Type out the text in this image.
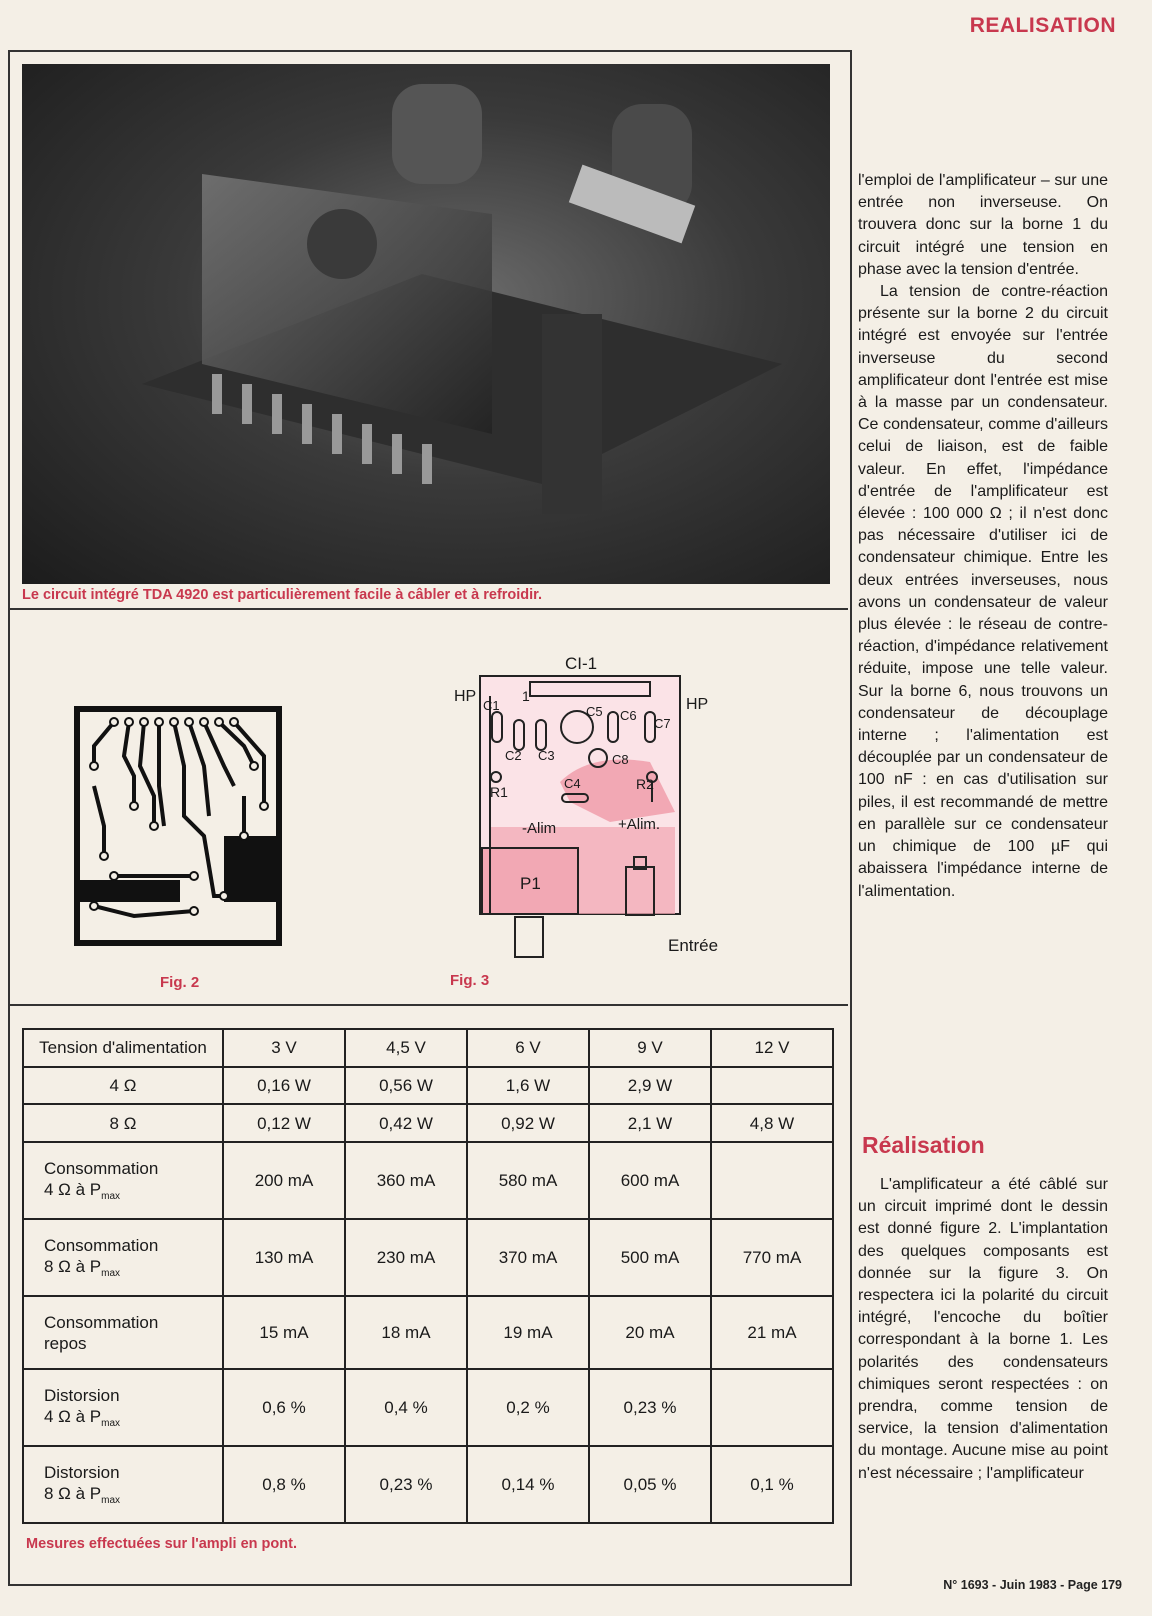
REALISATION
Le circuit intégré TDA 4920 est particulièrement facile à câbler et à refroidir.
Fig. 2
CI-1
HP	HP
1
C1
C2 C3
C5 C6
C7
C8
R1	R2
C4
-Alim	+Alim.
P1
Entrée
Fig. 3
Tension d'alimentation	3 V	4,5 V	6 V	9 V	12 V
4 Ω	0,16 W	0,56 W	1,6 W	2,9 W	
8 Ω	0,12 W	0,42 W	0,92 W	2,1 W	4,8 W
Consommation
4 Ω à $P_{max}$	200 mA	360 mA	580 mA	600 mA	
Consommation
8 Ω à $P_{max}$	130 mA	230 mA	370 mA	500 mA	770 mA
Consommation
repos	15 mA	18 mA	19 mA	20 mA	21 mA
Distorsion
4 Ω à $P_{max}$	0,6 %	0,4 %	0,2 %	0,23 %	
Distorsion
8 Ω à $P_{max}$	0,8 %	0,23 %	0,14 %	0,05 %	0,1 %
Mesures effectuées sur l'ampli en pont.

l'emploi de l'amplificateur – sur une entrée non inverseuse. On trouvera donc sur la borne 1 du circuit intégré une tension en phase avec la tension d'entrée.

La tension de contre-réaction présente sur la borne 2 du circuit intégré est envoyée sur l'entrée inverseuse du second amplificateur dont l'entrée est mise à la masse par un condensateur. Ce condensateur, comme d'ailleurs celui de liaison, est de faible valeur. En effet, l'impédance d'entrée de l'amplificateur est élevée : 100 000 Ω ; il n'est donc pas nécessaire d'utiliser ici de condensateur chimique. Entre les deux entrées inverseuses, nous avons un condensateur de valeur plus élevée : le réseau de contre-réaction, d'impédance relativement réduite, impose une telle valeur. Sur la borne 6, nous trouvons un condensateur de découplage interne ; l'alimentation est découplée par un condensateur de 100 nF : en cas d'utilisation sur piles, il est recommandé de mettre en parallèle sur ce condensateur un chimique de 100 µF qui abaissera l'impédance interne de l'alimentation.

Réalisation

L'amplificateur a été câblé sur un circuit imprimé dont le dessin est donné figure 2. L'implantation des quelques composants est donnée sur la figure 3. On respectera ici la polarité du circuit intégré, l'encoche du boîtier correspondant à la borne 1. Les polarités des condensateurs chimiques seront respectées : on prendra, comme tension de service, la tension d'alimentation du montage. Aucune mise au point n'est nécessaire ; l'amplificateur

N° 1693 - Juin 1983 - Page 179
